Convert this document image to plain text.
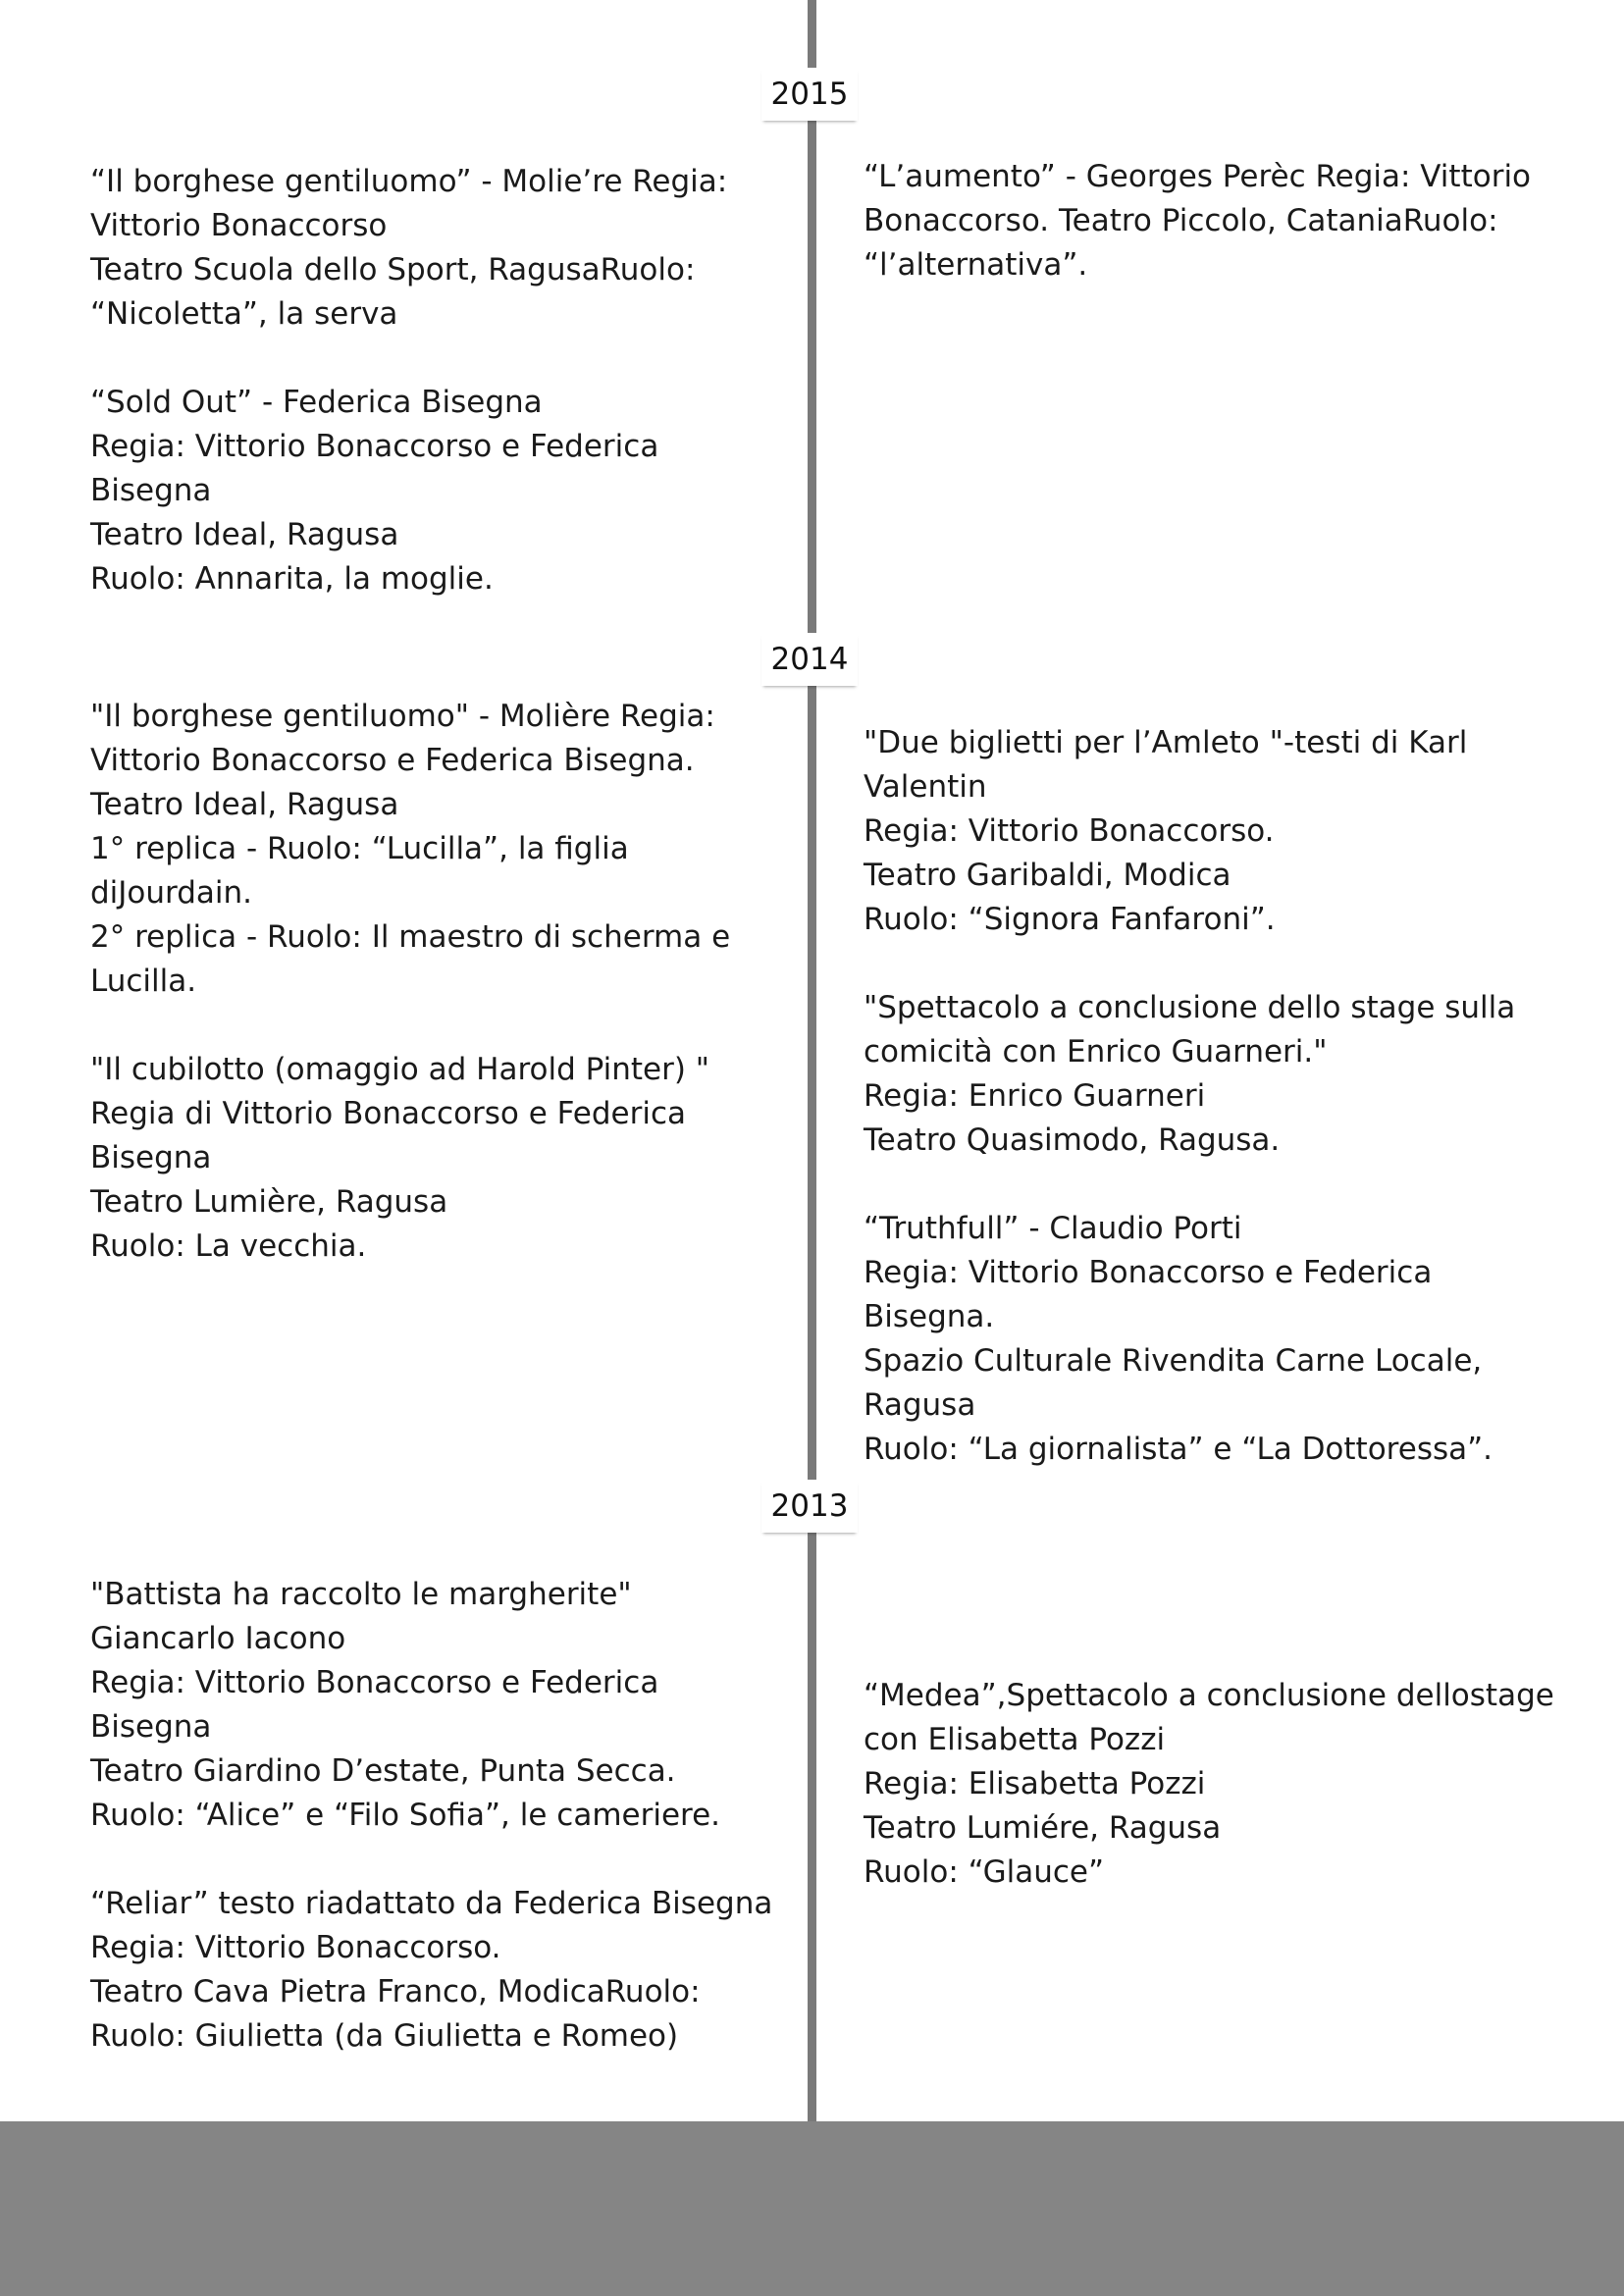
2015
2014
2013
“Il borghese gentiluomo” - Molie’re Regia: Vittorio Bonaccorso
Teatro Scuola dello Sport, RagusaRuolo: “Nicoletta”, la serva
“Sold Out” - Federica Bisegna
Regia: Vittorio Bonaccorso e Federica Bisegna
Teatro Ideal, Ragusa
Ruolo: Annarita, la moglie.
“L’aumento” - Georges Perèc Regia: Vittorio Bonaccorso. Teatro Piccolo, CataniaRuolo: “l’alternativa”.
"Il borghese gentiluomo" - Molière Regia: Vittorio Bonaccorso e Federica Bisegna.
Teatro Ideal, Ragusa
1° replica - Ruolo: “Lucilla”, la figlia diJourdain.
2° replica - Ruolo: Il maestro di scherma e Lucilla.
"Il cubilotto (omaggio ad Harold Pinter) "
Regia di Vittorio Bonaccorso e Federica Bisegna
Teatro Lumière, Ragusa
Ruolo: La vecchia.
"Due biglietti per l’Amleto "-testi di Karl Valentin
Regia: Vittorio Bonaccorso.
Teatro Garibaldi, Modica
Ruolo: “Signora Fanfaroni”.
"Spettacolo a conclusione dello stage sulla comicità con Enrico Guarneri."
Regia: Enrico Guarneri
Teatro Quasimodo, Ragusa.
“Truthfull” - Claudio Porti
Regia: Vittorio Bonaccorso e Federica Bisegna.
Spazio Culturale Rivendita Carne Locale, Ragusa
Ruolo: “La giornalista” e “La Dottoressa”.
"Battista ha raccolto le margherite"
Giancarlo Iacono
Regia: Vittorio Bonaccorso e Federica Bisegna
Teatro Giardino D’estate, Punta Secca.
Ruolo: “Alice” e “Filo Sofia”, le cameriere.
“Reliar” testo riadattato da Federica Bisegna
Regia: Vittorio Bonaccorso.
Teatro Cava Pietra Franco, ModicaRuolo:
Ruolo: Giulietta (da Giulietta e Romeo)
“Medea”,Spettacolo a conclusione dellostage con Elisabetta Pozzi
Regia: Elisabetta Pozzi
Teatro Lumiére, Ragusa
Ruolo: “Glauce”
